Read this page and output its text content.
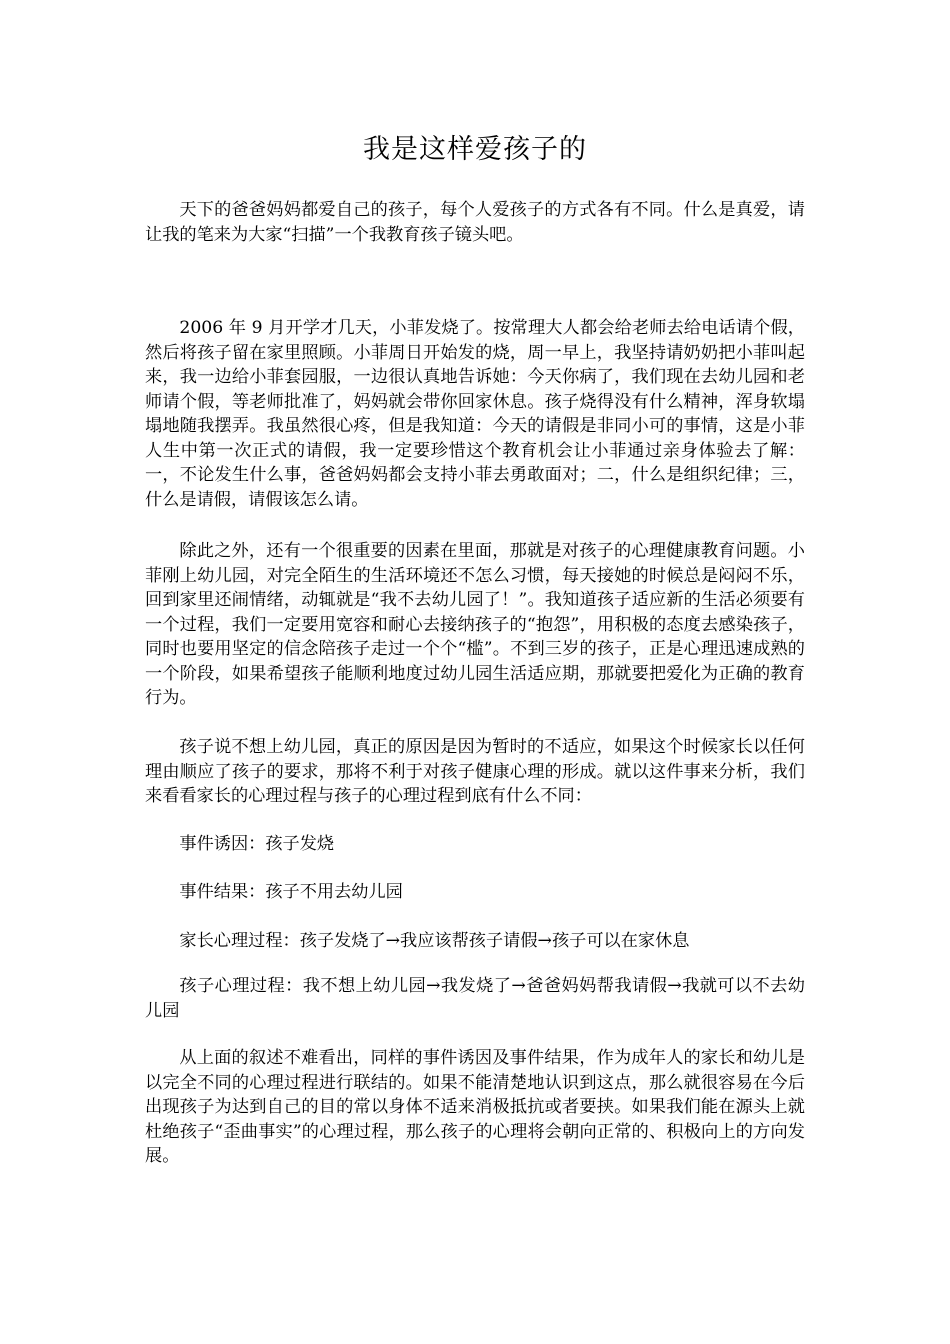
我是这样爱孩子的

天下的爸爸妈妈都爱自己的孩子，每个人爱孩子的方式各有不同。什么是真爱，请让我的笔来为大家“扫描”一个我教育孩子镜头吧。

2006 年 9 月开学才几天，小菲发烧了。按常理大人都会给老师去给电话请个假，然后将孩子留在家里照顾。小菲周日开始发的烧，周一早上，我坚持请奶奶把小菲叫起来，我一边给小菲套园服，一边很认真地告诉她：今天你病了，我们现在去幼儿园和老师请个假，等老师批准了，妈妈就会带你回家休息。孩子烧得没有什么精神，浑身软塌塌地随我摆弄。我虽然很心疼，但是我知道：今天的请假是非同小可的事情，这是小菲人生中第一次正式的请假，我一定要珍惜这个教育机会让小菲通过亲身体验去了解：一，不论发生什么事，爸爸妈妈都会支持小菲去勇敢面对；二，什么是组织纪律；三，什么是请假，请假该怎么请。

除此之外，还有一个很重要的因素在里面，那就是对孩子的心理健康教育问题。小菲刚上幼儿园，对完全陌生的生活环境还不怎么习惯，每天接她的时候总是闷闷不乐，回到家里还闹情绪，动辄就是“我不去幼儿园了！”。我知道孩子适应新的生活必须要有一个过程，我们一定要用宽容和耐心去接纳孩子的“抱怨”，用积极的态度去感染孩子，同时也要用坚定的信念陪孩子走过一个个“槛”。不到三岁的孩子，正是心理迅速成熟的一个阶段，如果希望孩子能顺利地度过幼儿园生活适应期，那就要把爱化为正确的教育行为。

孩子说不想上幼儿园，真正的原因是因为暂时的不适应，如果这个时候家长以任何理由顺应了孩子的要求，那将不利于对孩子健康心理的形成。就以这件事来分析，我们来看看家长的心理过程与孩子的心理过程到底有什么不同：

事件诱因：孩子发烧

事件结果：孩子不用去幼儿园

家长心理过程：孩子发烧了→我应该帮孩子请假→孩子可以在家休息

孩子心理过程：我不想上幼儿园→我发烧了→爸爸妈妈帮我请假→我就可以不去幼儿园

从上面的叙述不难看出，同样的事件诱因及事件结果，作为成年人的家长和幼儿是以完全不同的心理过程进行联结的。如果不能清楚地认识到这点，那么就很容易在今后出现孩子为达到自己的目的常以身体不适来消极抵抗或者要挟。如果我们能在源头上就杜绝孩子“歪曲事实”的心理过程，那么孩子的心理将会朝向正常的、积极向上的方向发展。
